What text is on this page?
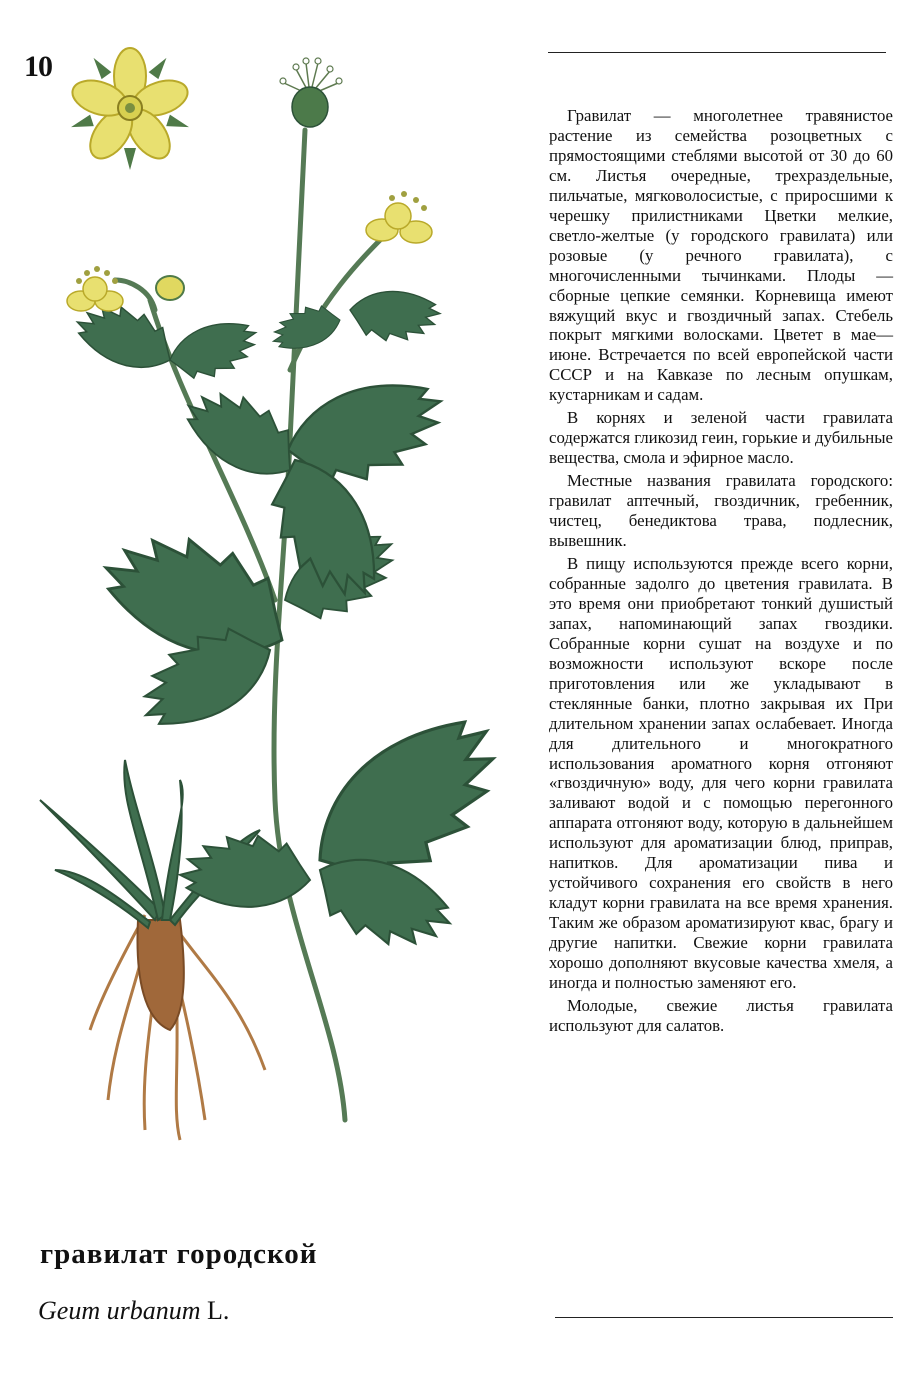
10
гравилат городской
Geum urbanum L.

Гравилат — многолетнее травянистое растение из семейства розоцветных с прямостоящими стеблями высотой от 30 до 60 см. Листья очередные, трехраздельные, пильчатые, мягковолосистые, с приросшими к черешку прилистниками Цветки мелкие, светло-желтые (у городского гравилата) или розовые (у речного гравилата), с многочисленными тычинками. Плоды — сборные цепкие семянки. Корневища имеют вяжущий вкус и гвоздичный запах. Стебель покрыт мягкими волосками. Цветет в мае—июне. Встречается по всей европейской части СССР и на Кавказе по лесным опушкам, кустарникам и садам.

В корнях и зеленой части гравилата содержатся гликозид геин, горькие и дубильные вещества, смола и эфирное масло.

Местные названия гравилата городского: гравилат аптечный, гвоздичник, гребенник, чистец, бенедиктова трава, подлесник, вывешник.

В пищу используются прежде всего корни, собранные задолго до цветения гравилата. В это время они приобретают тонкий душистый запах, напоминающий запах гвоздики. Собранные корни сушат на воздухе и по возможности используют вскоре после приготовления или же укладывают в стеклянные банки, плотно закрывая их При длительном хранении запах ослабевает. Иногда для длительного и многократного использования ароматного корня отгоняют «гвоздичную» воду, для чего корни гравилата заливают водой и с помощью перегонного аппарата отгоняют воду, которую в дальнейшем используют для ароматизации блюд, приправ, напитков. Для ароматизации пива и устойчивого сохранения его свойств в него кладут корни гравилата на все время хранения. Таким же образом ароматизируют квас, брагу и другие напитки. Свежие корни гравилата хорошо дополняют вкусовые качества хмеля, а иногда и полностью заменяют его.

Молодые, свежие листья гравилата используют для салатов.
